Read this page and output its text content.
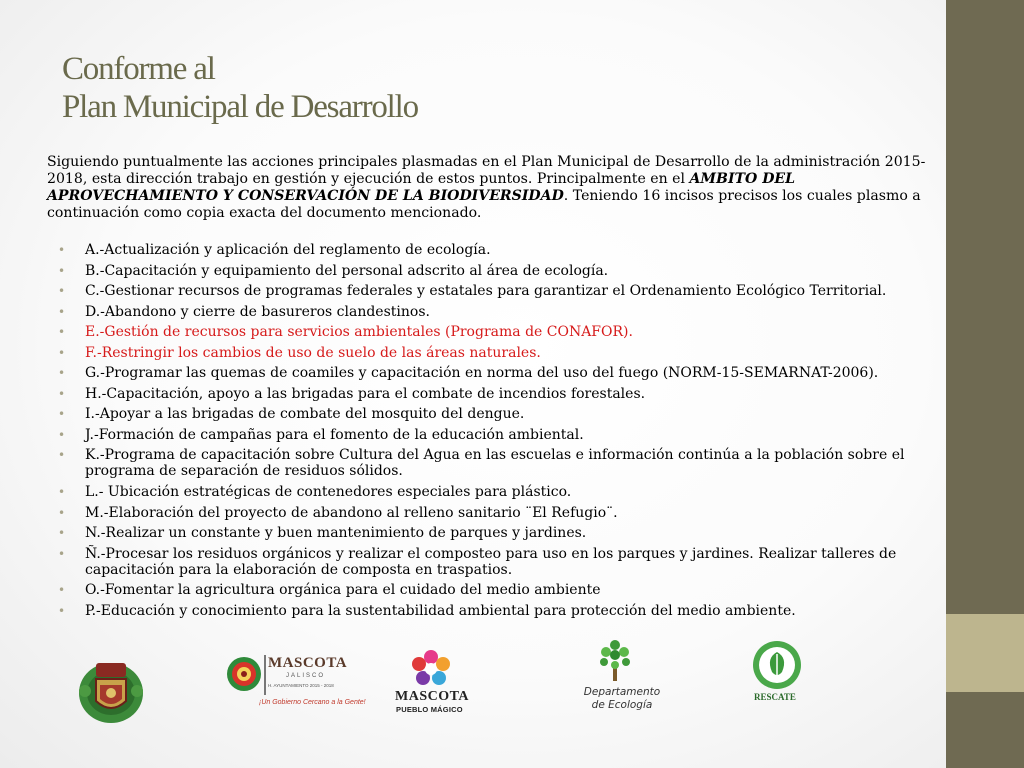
Conforme al
Plan Municipal de Desarrollo

Siguiendo puntualmente las acciones principales plasmadas en el Plan Municipal de Desarrollo de la administración 2015-2018, esta dirección trabajo en gestión y ejecución de estos puntos. Principalmente en el AMBITO DEL APROVECHAMIENTO Y CONSERVACIÓN DE LA BIODIVERSIDAD. Teniendo 16 incisos precisos los cuales plasmo a continuación como copia exacta del documento mencionado.

• A.-Actualización y aplicación del reglamento de ecología.
• B.-Capacitación y equipamiento del personal adscrito al área de ecología.
• C.-Gestionar recursos de programas federales y estatales para garantizar el Ordenamiento Ecológico Territorial.
• D.-Abandono y cierre de basureros clandestinos.
• E.-Gestión de recursos para servicios ambientales (Programa de CONAFOR).
• F.-Restringir los cambios de uso de suelo de las áreas naturales.
• G.-Programar las quemas de coamiles y capacitación en norma del uso del fuego (NORM-15-SEMARNAT-2006).
• H.-Capacitación, apoyo a las brigadas para el combate de incendios forestales.
• I.-Apoyar a las brigadas de combate del mosquito del dengue.
• J.-Formación de campañas para el fomento de la educación ambiental.
• K.-Programa de capacitación sobre Cultura del Agua en las escuelas e información continúa a la población sobre el programa de separación de residuos sólidos.
• L.- Ubicación estratégicas de contenedores especiales para plástico.
• M.-Elaboración del proyecto de abandono al relleno sanitario ¨El Refugio¨.
• N.-Realizar un constante y buen mantenimiento de parques y jardines.
• Ñ.-Procesar los residuos orgánicos y realizar el composteo para uso en los parques y jardines. Realizar talleres de capacitación para la elaboración de composta en traspatios.
• O.-Fomentar la agricultura orgánica para el cuidado del medio ambiente
• P.-Educación y conocimiento para la sustentabilidad ambiental para protección del medio ambiente.
MASCOTA
JALISCO
H. AYUNTAMIENTO 2015 - 2018
¡Un Gobierno Cercano a la Gente! MASCOTA
PUEBLO MÁGICO
Departamento
de Ecología
RESCATE
